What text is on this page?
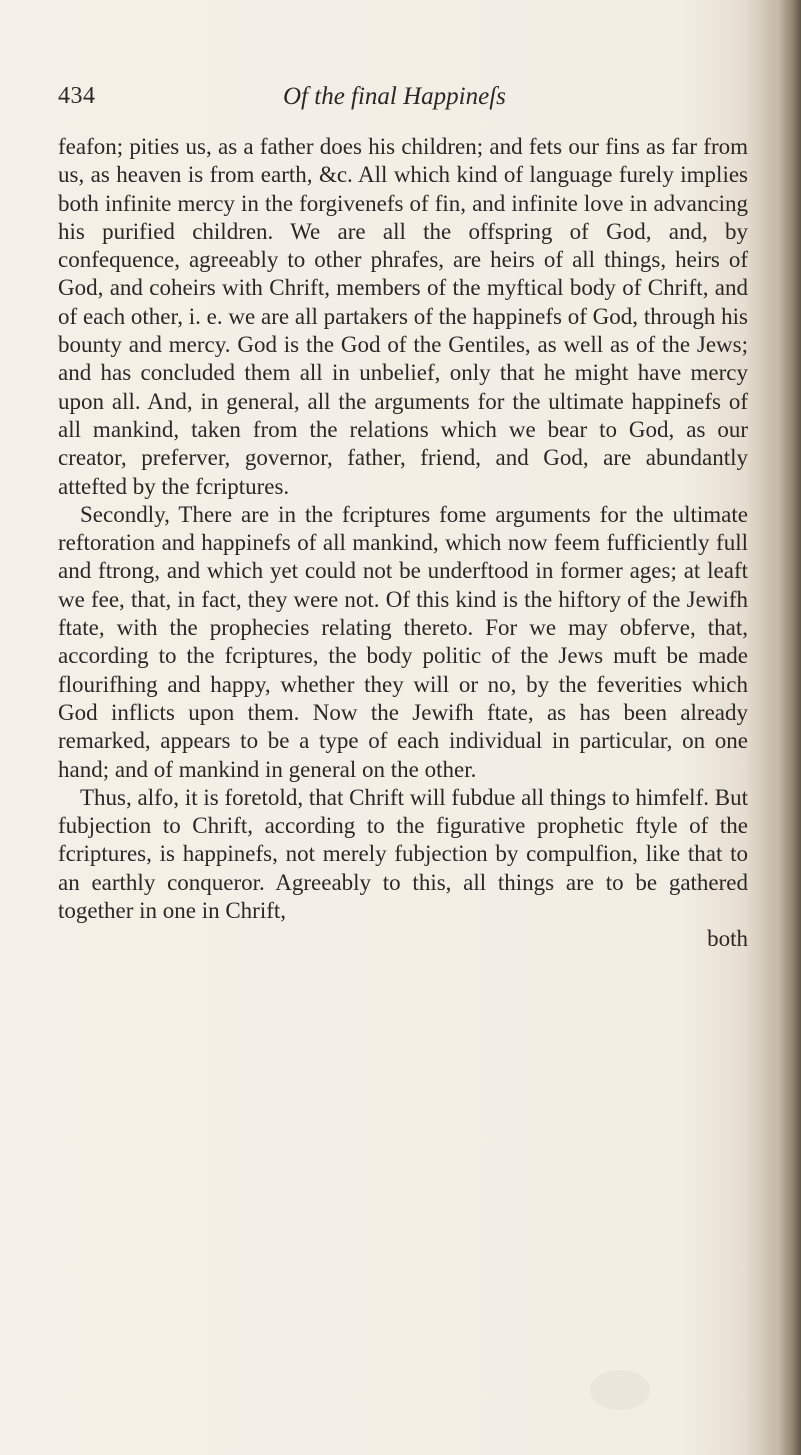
434	Of the final Happineſs

feafon; pities us, as a father does his children; and fets our fins as far from us, as heaven is from earth, &c. All which kind of language furely implies both infinite mercy in the forgivenefs of fin, and infinite love in advancing his purified children. We are all the offspring of God, and, by confequence, agreeably to other phrafes, are heirs of all things, heirs of God, and coheirs with Chrift, members of the myftical body of Chrift, and of each other, i. e. we are all partakers of the happinefs of God, through his bounty and mercy. God is the God of the Gentiles, as well as of the Jews; and has concluded them all in unbelief, only that he might have mercy upon all. And, in general, all the arguments for the ultimate happinefs of all mankind, taken from the relations which we bear to God, as our creator, preferver, governor, father, friend, and God, are abundantly attefted by the fcriptures.

Secondly, There are in the fcriptures fome arguments for the ultimate reftoration and happinefs of all mankind, which now feem fufficiently full and ftrong, and which yet could not be underftood in former ages; at leaft we fee, that, in fact, they were not. Of this kind is the hiftory of the Jewifh ftate, with the prophecies relating thereto. For we may obferve, that, according to the fcriptures, the body politic of the Jews muft be made flourifhing and happy, whether they will or no, by the feverities which God inflicts upon them. Now the Jewifh ftate, as has been already remarked, appears to be a type of each individual in particular, on one hand; and of mankind in general on the other.

Thus, alfo, it is foretold, that Chrift will fubdue all things to himfelf. But fubjection to Chrift, according to the figurative prophetic ftyle of the fcriptures, is happinefs, not merely fubjection by compulfion, like that to an earthly conqueror. Agreeably to this, all things are to be gathered together in one in Chrift,

both
